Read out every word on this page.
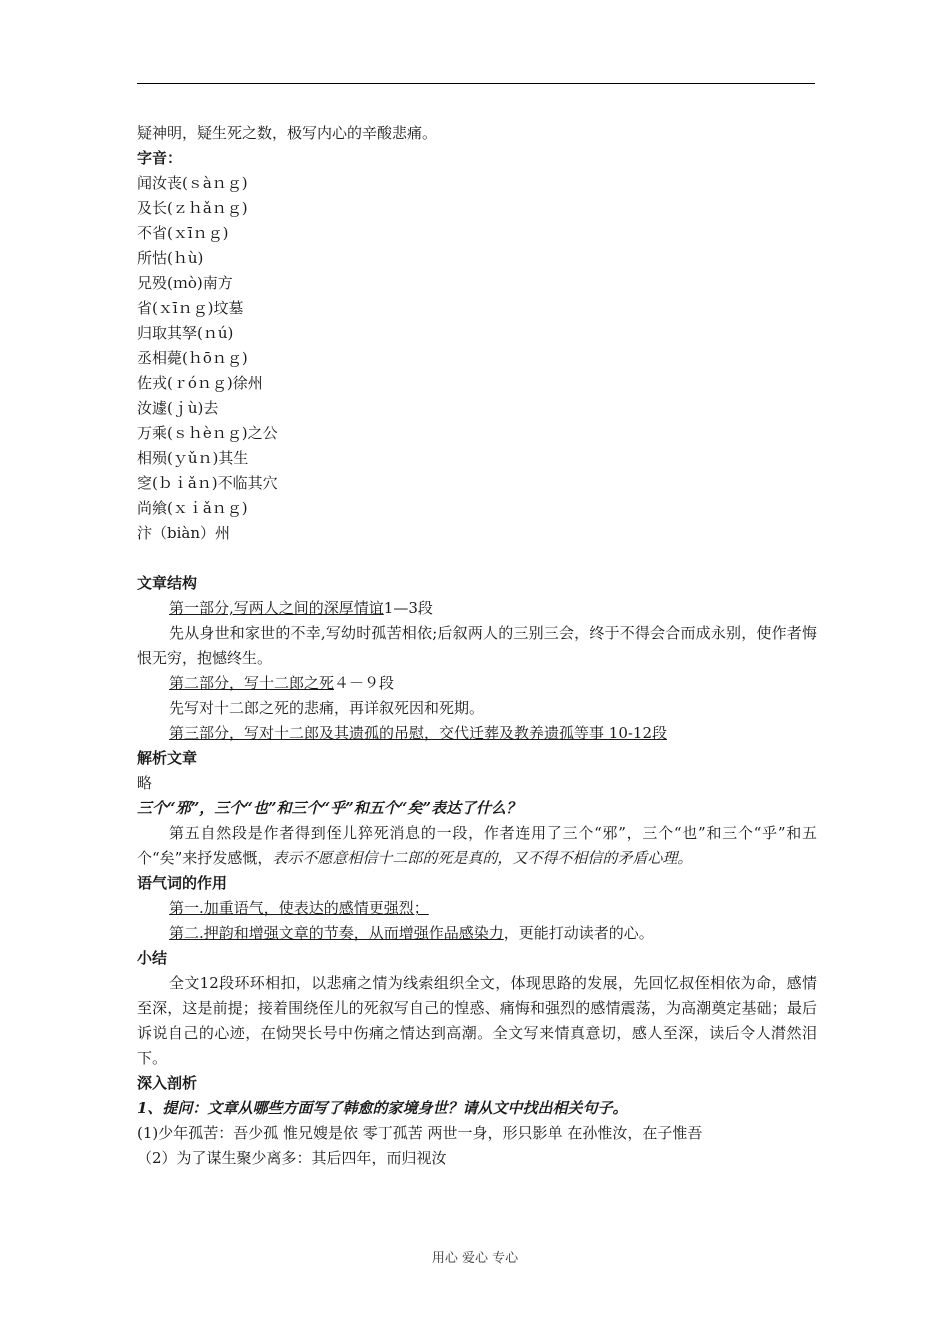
疑神明，疑生死之数，极写内心的辛酸悲痛。
字音：
闻汝丧(ｓàｎｇ)
及长(ｚｈǎｎｇ)
不省(ｘīｎｇ)
所怙(ｈù)
兄殁(ｍò)南方
省(ｘīｎｇ)坟墓
归取其孥(ｎú)
丞相薨(ｈōｎｇ)
佐戎(ｒóｎｇ)徐州
汝遽(ｊù)去
万乘(ｓｈèｎｇ)之公
相殒(ｙǔｎ)其生
窆(ｂｉǎｎ)不临其穴
尚飨(ｘｉǎｎｇ)
汴（biàn）州
文章结构
第一部分,写两人之间的深厚情谊1—3段
先从身世和家世的不幸,写幼时孤苦相依;后叙两人的三别三会，终于不得会合而成永别，使作者悔恨无穷，抱憾终生。
第二部分，写十二郎之死４－９段
先写对十二郎之死的悲痛，再详叙死因和死期。
第三部分，写对十二郎及其遗孤的吊慰，交代迁葬及教养遗孤等事 10-12段
解析文章
略
三个“邪”，三个“也”和三个“乎”和五个“矣”表达了什么？
第五自然段是作者得到侄儿猝死消息的一段，作者连用了三个“邪”，三个“也”和三个“乎”和五个“矣”来抒发感慨，表示不愿意相信十二郎的死是真的，又不得不相信的矛盾心理。
语气词的作用
第一.加重语气，使表达的感情更强烈；
第二.押韵和增强文章的节奏，从而增强作品感染力，更能打动读者的心。
小结
全文12段环环相扣，以悲痛之情为线索组织全文，体现思路的发展，先回忆叔侄相依为命，感情至深，这是前提；接着围绕侄儿的死叙写自己的惶惑、痛悔和强烈的感情震荡，为高潮奠定基础；最后诉说自己的心迹，在恸哭长号中伤痛之情达到高潮。全文写来情真意切，感人至深，读后令人潸然泪下。
深入剖析
1、提问：文章从哪些方面写了韩愈的家境身世？请从文中找出相关句子。
(1)少年孤苦：吾少孤 惟兄嫂是依 零丁孤苦 两世一身，形只影单 在孙惟汝，在子惟吾
（2）为了谋生聚少离多：其后四年，而归视汝
用心 爱心 专心
